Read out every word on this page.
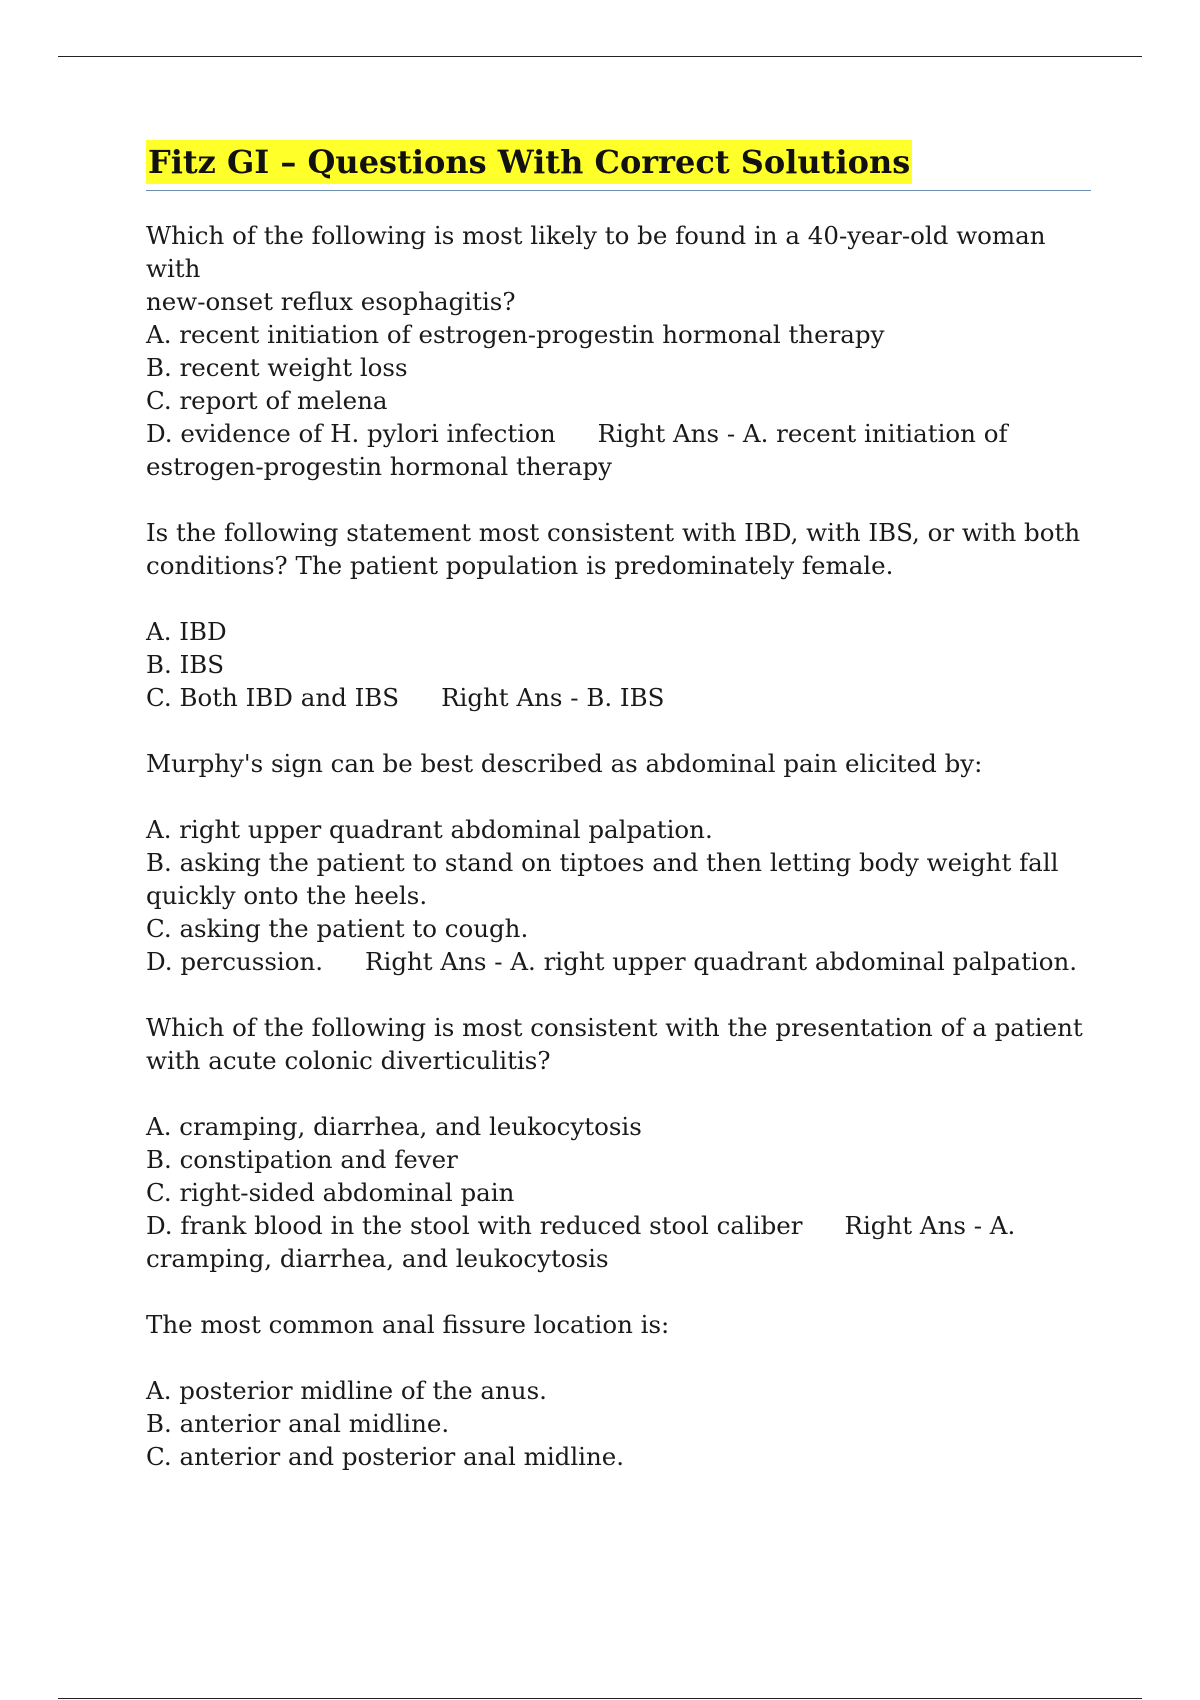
Fitz GI – Questions With Correct Solutions
Which of the following is most likely to be found in a 40-year-old woman with
new-onset reflux esophagitis?
A. recent initiation of estrogen-progestin hormonal therapy
B. recent weight loss
C. report of melena
D. evidence of H. pylori infection Right Ans - A. recent initiation of
estrogen-progestin hormonal therapy
Is the following statement most consistent with IBD, with IBS, or with both
conditions? The patient population is predominately female.
A. IBD
B. IBS
C. Both IBD and IBS Right Ans - B. IBS
Murphy's sign can be best described as abdominal pain elicited by:
A. right upper quadrant abdominal palpation.
B. asking the patient to stand on tiptoes and then letting body weight fall
quickly onto the heels.
C. asking the patient to cough.
D. percussion. Right Ans - A. right upper quadrant abdominal palpation.
Which of the following is most consistent with the presentation of a patient
with acute colonic diverticulitis?
A. cramping, diarrhea, and leukocytosis
B. constipation and fever
C. right-sided abdominal pain
D. frank blood in the stool with reduced stool caliber Right Ans - A.
cramping, diarrhea, and leukocytosis
The most common anal fissure location is:
A. posterior midline of the anus.
B. anterior anal midline.
C. anterior and posterior anal midline.
